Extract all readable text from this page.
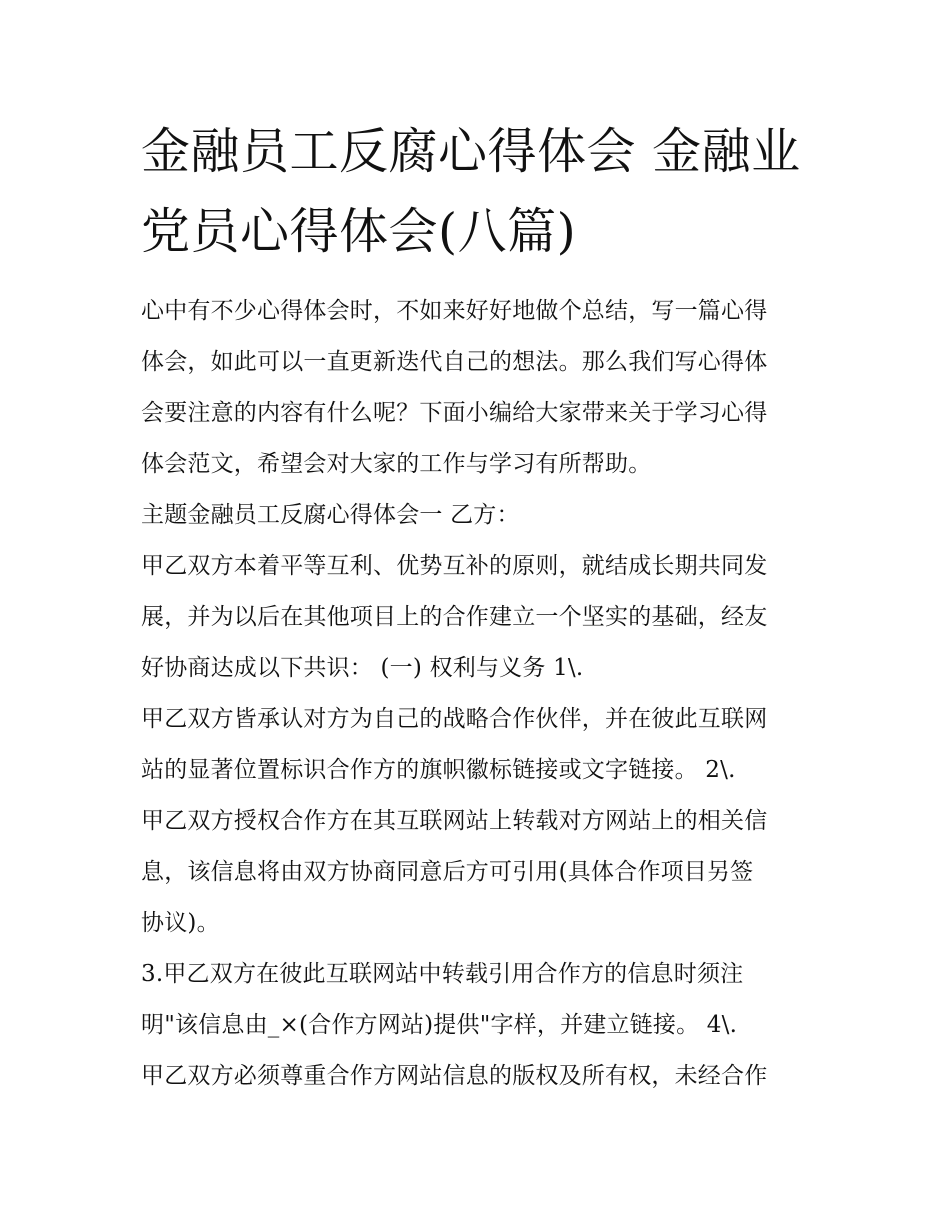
金融员工反腐心得体会 金融业
党员心得体会(八篇)

心中有不少心得体会时，不如来好好地做个总结，写一篇心得
体会，如此可以一直更新迭代自己的想法。那么我们写心得体
会要注意的内容有什么呢？下面小编给大家带来关于学习心得
体会范文，希望会对大家的工作与学习有所帮助。

主题金融员工反腐心得体会一 乙方：

甲乙双方本着平等互利、优势互补的原则，就结成长期共同发
展，并为以后在其他项目上的合作建立一个坚实的基础，经友
好协商达成以下共识： (一) 权利与义务 1\.

甲乙双方皆承认对方为自己的战略合作伙伴，并在彼此互联网
站的显著位置标识合作方的旗帜徽标链接或文字链接。 2\.

甲乙双方授权合作方在其互联网站上转载对方网站上的相关信
息，该信息将由双方协商同意后方可引用(具体合作项目另签
协议)。

3.甲乙双方在彼此互联网站中转载引用合作方的信息时须注
明"该信息由_×(合作方网站)提供"字样，并建立链接。 4\.

甲乙双方必须尊重合作方网站信息的版权及所有权，未经合作
